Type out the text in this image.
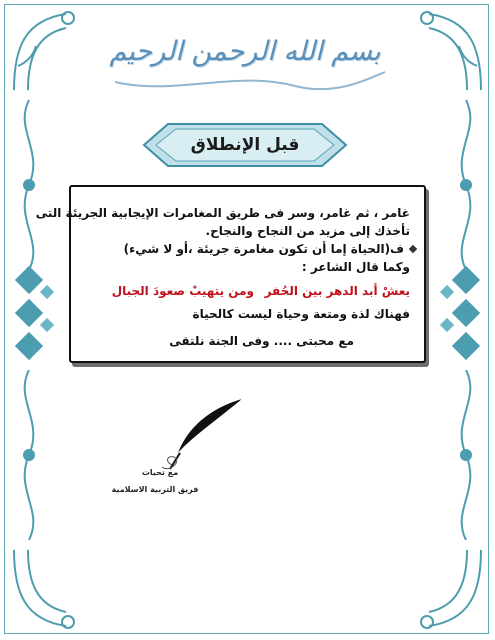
بسم الله الرحمن الرحيم
قبل الإنطلاق
غامر ، ثم غامر، وسر فى طريق المغامرات الإيجابية الجريئة التى
تأخذك إلى مزيد من النجاح والنجاح.
ف(الحياة إما أن تكون مغامرة جريئة ،أو لا شيء)
وكما قال الشاعر :
ومن يتهيبْ صعودَ الجبال يعشْ أبد الدهر بين الحُفر
فهناك لذة ومتعة وحياة ليست كالحياة
مع محبتى .... وفى الجنة نلتقى
مع تحيات
فريق التربية الاسلامية
